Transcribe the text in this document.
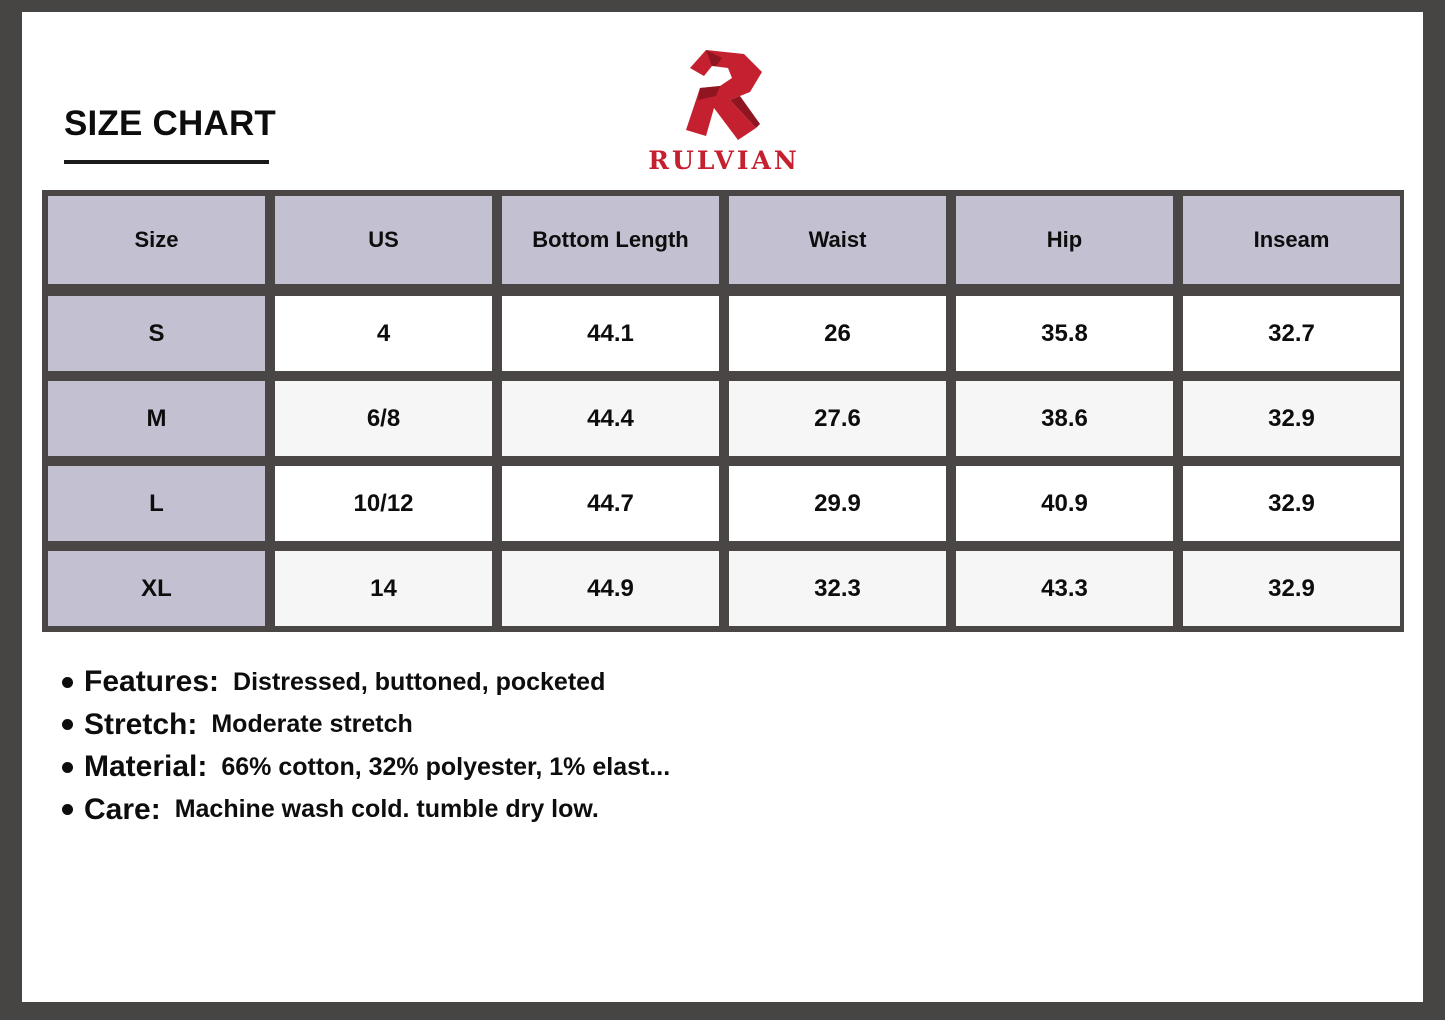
SIZE CHART
RULVIAN
Size	US	Bottom Length	Waist	Hip	Inseam
S	4	44.1	26	35.8	32.7
M	6/8	44.4	27.6	38.6	32.9
L	10/12	44.7	29.9	40.9	32.9
XL	14	44.9	32.3	43.3	32.9
Features: Distressed, buttoned, pocketed
Stretch: Moderate stretch
Material: 66% cotton, 32% polyester, 1% elast...
Care: Machine wash cold. tumble dry low.
